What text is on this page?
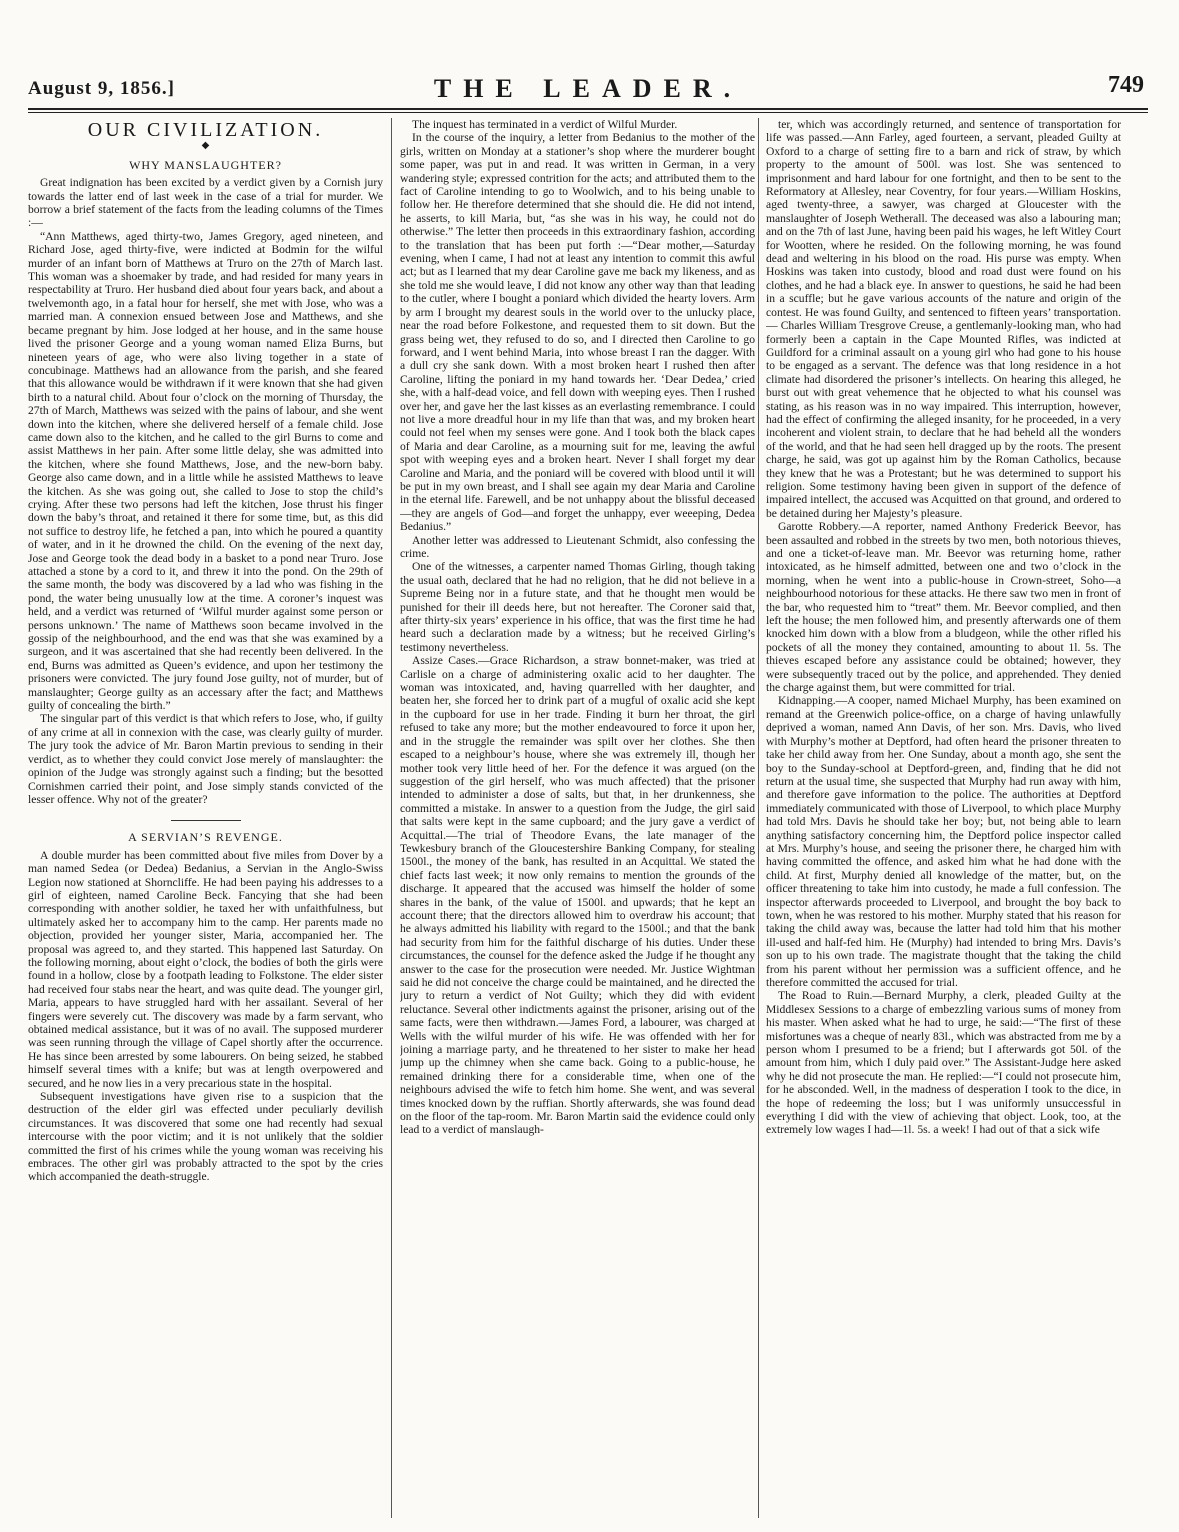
August 9, 1856.]	THE LEADER.	749
OUR CIVILIZATION.
◆
WHY MANSLAUGHTER?

Great indignation has been excited by a verdict given by a Cornish jury towards the latter end of last week in the case of a trial for murder. We borrow a brief statement of the facts from the leading columns of the Times :—

“Ann Matthews, aged thirty-two, James Gregory, aged nineteen, and Richard Jose, aged thirty-five, were indicted at Bodmin for the wilful murder of an infant born of Matthews at Truro on the 27th of March last. This woman was a shoemaker by trade, and had resided for many years in respectability at Truro. Her husband died about four years back, and about a twelvemonth ago, in a fatal hour for herself, she met with Jose, who was a married man. A connexion ensued between Jose and Matthews, and she became pregnant by him. Jose lodged at her house, and in the same house lived the prisoner George and a young woman named Eliza Burns, but nineteen years of age, who were also living together in a state of concubinage. Matthews had an allowance from the parish, and she feared that this allowance would be withdrawn if it were known that she had given birth to a natural child. About four o’clock on the morning of Thursday, the 27th of March, Matthews was seized with the pains of labour, and she went down into the kitchen, where she delivered herself of a female child. Jose came down also to the kitchen, and he called to the girl Burns to come and assist Matthews in her pain. After some little delay, she was admitted into the kitchen, where she found Matthews, Jose, and the new-born baby. George also came down, and in a little while he assisted Matthews to leave the kitchen. As she was going out, she called to Jose to stop the child’s crying. After these two persons had left the kitchen, Jose thrust his finger down the baby’s throat, and retained it there for some time, but, as this did not suffice to destroy life, he fetched a pan, into which he poured a quantity of water, and in it he drowned the child. On the evening of the next day, Jose and George took the dead body in a basket to a pond near Truro. Jose attached a stone by a cord to it, and threw it into the pond. On the 29th of the same month, the body was discovered by a lad who was fishing in the pond, the water being unusually low at the time. A coroner’s inquest was held, and a verdict was returned of ‘Wilful murder against some person or persons unknown.’ The name of Matthews soon became involved in the gossip of the neighbourhood, and the end was that she was examined by a surgeon, and it was ascertained that she had recently been delivered. In the end, Burns was admitted as Queen’s evidence, and upon her testimony the prisoners were convicted. The jury found Jose guilty, not of murder, but of manslaughter; George guilty as an accessary after the fact; and Matthews guilty of concealing the birth.”

The singular part of this verdict is that which refers to Jose, who, if guilty of any crime at all in connexion with the case, was clearly guilty of murder. The jury took the advice of Mr. Baron Martin previous to sending in their verdict, as to whether they could convict Jose merely of manslaughter: the opinion of the Judge was strongly against such a finding; but the besotted Cornishmen carried their point, and Jose simply stands convicted of the lesser offence. Why not of the greater?

A SERVIAN’S REVENGE.

A double murder has been committed about five miles from Dover by a man named Sedea (or Dedea) Bedanius, a Servian in the Anglo-Swiss Legion now stationed at Shorncliffe. He had been paying his addresses to a girl of eighteen, named Caroline Beck. Fancying that she had been corresponding with another soldier, he taxed her with unfaithfulness, but ultimately asked her to accompany him to the camp. Her parents made no objection, provided her younger sister, Maria, accompanied her. The proposal was agreed to, and they started. This happened last Saturday. On the following morning, about eight o’clock, the bodies of both the girls were found in a hollow, close by a footpath leading to Folkstone. The elder sister had received four stabs near the heart, and was quite dead. The younger girl, Maria, appears to have struggled hard with her assailant. Several of her fingers were severely cut. The discovery was made by a farm servant, who obtained medical assistance, but it was of no avail. The supposed murderer was seen running through the village of Capel shortly after the occurrence. He has since been arrested by some labourers. On being seized, he stabbed himself several times with a knife; but was at length overpowered and secured, and he now lies in a very precarious state in the hospital.

Subsequent investigations have given rise to a suspicion that the destruction of the elder girl was effected under peculiarly devilish circumstances. It was discovered that some one had recently had sexual intercourse with the poor victim; and it is not unlikely that the soldier committed the first of his crimes while the young woman was receiving his embraces. The other girl was probably attracted to the spot by the cries which accompanied the death-struggle.

The inquest has terminated in a verdict of Wilful Murder.

In the course of the inquiry, a letter from Bedanius to the mother of the girls, written on Monday at a stationer’s shop where the murderer bought some paper, was put in and read. It was written in German, in a very wandering style; expressed contrition for the acts; and attributed them to the fact of Caroline intending to go to Woolwich, and to his being unable to follow her. He therefore determined that she should die. He did not intend, he asserts, to kill Maria, but, “as she was in his way, he could not do otherwise.” The letter then proceeds in this extraordinary fashion, according to the translation that has been put forth :—“Dear mother,—Saturday evening, when I came, I had not at least any intention to commit this awful act; but as I learned that my dear Caroline gave me back my likeness, and as she told me she would leave, I did not know any other way than that leading to the cutler, where I bought a poniard which divided the hearty lovers. Arm by arm I brought my dearest souls in the world over to the unlucky place, near the road before Folkestone, and requested them to sit down. But the grass being wet, they refused to do so, and I directed then Caroline to go forward, and I went behind Maria, into whose breast I ran the dagger. With a dull cry she sank down. With a most broken heart I rushed then after Caroline, lifting the poniard in my hand towards her. ‘Dear Dedea,’ cried she, with a half-dead voice, and fell down with weeping eyes. Then I rushed over her, and gave her the last kisses as an everlasting remembrance. I could not live a more dreadful hour in my life than that was, and my broken heart could not feel when my senses were gone. And I took both the black capes of Maria and dear Caroline, as a mourning suit for me, leaving the awful spot with weeping eyes and a broken heart. Never I shall forget my dear Caroline and Maria, and the poniard will be covered with blood until it will be put in my own breast, and I shall see again my dear Maria and Caroline in the eternal life. Farewell, and be not unhappy about the blissful deceased—they are angels of God—and forget the unhappy, ever weeeping, Dedea Bedanius.”

Another letter was addressed to Lieutenant Schmidt, also confessing the crime.

One of the witnesses, a carpenter named Thomas Girling, though taking the usual oath, declared that he had no religion, that he did not believe in a Supreme Being nor in a future state, and that he thought men would be punished for their ill deeds here, but not hereafter. The Coroner said that, after thirty-six years’ experience in his office, that was the first time he had heard such a declaration made by a witness; but he received Girling’s testimony nevertheless.

Assize Cases.—Grace Richardson, a straw bonnet-maker, was tried at Carlisle on a charge of administering oxalic acid to her daughter. The woman was intoxicated, and, having quarrelled with her daughter, and beaten her, she forced her to drink part of a mugful of oxalic acid she kept in the cupboard for use in her trade. Finding it burn her throat, the girl refused to take any more; but the mother endeavoured to force it upon her, and in the struggle the remainder was spilt over her clothes. She then escaped to a neighbour’s house, where she was extremely ill, though her mother took very little heed of her. For the defence it was argued (on the suggestion of the girl herself, who was much affected) that the prisoner intended to administer a dose of salts, but that, in her drunkenness, she committed a mistake. In answer to a question from the Judge, the girl said that salts were kept in the same cupboard; and the jury gave a verdict of Acquittal.—The trial of Theodore Evans, the late manager of the Tewkesbury branch of the Gloucestershire Banking Company, for stealing 1500l., the money of the bank, has resulted in an Acquittal. We stated the chief facts last week; it now only remains to mention the grounds of the discharge. It appeared that the accused was himself the holder of some shares in the bank, of the value of 1500l. and upwards; that he kept an account there; that the directors allowed him to overdraw his account; that he always admitted his liability with regard to the 1500l.; and that the bank had security from him for the faithful discharge of his duties. Under these circumstances, the counsel for the defence asked the Judge if he thought any answer to the case for the prosecution were needed. Mr. Justice Wightman said he did not conceive the charge could be maintained, and he directed the jury to return a verdict of Not Guilty; which they did with evident reluctance. Several other indictments against the prisoner, arising out of the same facts, were then withdrawn.—James Ford, a labourer, was charged at Wells with the wilful murder of his wife. He was offended with her for joining a marriage party, and he threatened to her sister to make her head jump up the chimney when she came back. Going to a public-house, he remained drinking there for a considerable time, when one of the neighbours advised the wife to fetch him home. She went, and was several times knocked down by the ruffian. Shortly afterwards, she was found dead on the floor of the tap-room. Mr. Baron Martin said the evidence could only lead to a verdict of manslaugh-

ter, which was accordingly returned, and sentence of transportation for life was passed.—Ann Farley, aged fourteen, a servant, pleaded Guilty at Oxford to a charge of setting fire to a barn and rick of straw, by which property to the amount of 500l. was lost. She was sentenced to imprisonment and hard labour for one fortnight, and then to be sent to the Reformatory at Allesley, near Coventry, for four years.—William Hoskins, aged twenty-three, a sawyer, was charged at Gloucester with the manslaughter of Joseph Wetherall. The deceased was also a labouring man; and on the 7th of last June, having been paid his wages, he left Witley Court for Wootten, where he resided. On the following morning, he was found dead and weltering in his blood on the road. His purse was empty. When Hoskins was taken into custody, blood and road dust were found on his clothes, and he had a black eye. In answer to questions, he said he had been in a scuffle; but he gave various accounts of the nature and origin of the contest. He was found Guilty, and sentenced to fifteen years’ transportation. — Charles William Tresgrove Creuse, a gentlemanly-looking man, who had formerly been a captain in the Cape Mounted Rifles, was indicted at Guildford for a criminal assault on a young girl who had gone to his house to be engaged as a servant. The defence was that long residence in a hot climate had disordered the prisoner’s intellects. On hearing this alleged, he burst out with great vehemence that he objected to what his counsel was stating, as his reason was in no way impaired. This interruption, however, had the effect of confirming the alleged insanity, for he proceeded, in a very incoherent and violent strain, to declare that he had beheld all the wonders of the world, and that he had seen hell dragged up by the roots. The present charge, he said, was got up against him by the Roman Catholics, because they knew that he was a Protestant; but he was determined to support his religion. Some testimony having been given in support of the defence of impaired intellect, the accused was Acquitted on that ground, and ordered to be detained during her Majesty’s pleasure.

Garotte Robbery.—A reporter, named Anthony Frederick Beevor, has been assaulted and robbed in the streets by two men, both notorious thieves, and one a ticket-of-leave man. Mr. Beevor was returning home, rather intoxicated, as he himself admitted, between one and two o’clock in the morning, when he went into a public-house in Crown-street, Soho—a neighbourhood notorious for these attacks. He there saw two men in front of the bar, who requested him to “treat” them. Mr. Beevor complied, and then left the house; the men followed him, and presently afterwards one of them knocked him down with a blow from a bludgeon, while the other rifled his pockets of all the money they contained, amounting to about 1l. 5s. The thieves escaped before any assistance could be obtained; however, they were subsequently traced out by the police, and apprehended. They denied the charge against them, but were committed for trial.

Kidnapping.—A cooper, named Michael Murphy, has been examined on remand at the Greenwich police-office, on a charge of having unlawfully deprived a woman, named Ann Davis, of her son. Mrs. Davis, who lived with Murphy’s mother at Deptford, had often heard the prisoner threaten to take her child away from her. One Sunday, about a month ago, she sent the boy to the Sunday-school at Deptford-green, and, finding that he did not return at the usual time, she suspected that Murphy had run away with him, and therefore gave information to the police. The authorities at Deptford immediately communicated with those of Liverpool, to which place Murphy had told Mrs. Davis he should take her boy; but, not being able to learn anything satisfactory concerning him, the Deptford police inspector called at Mrs. Murphy’s house, and seeing the prisoner there, he charged him with having committed the offence, and asked him what he had done with the child. At first, Murphy denied all knowledge of the matter, but, on the officer threatening to take him into custody, he made a full confession. The inspector afterwards proceeded to Liverpool, and brought the boy back to town, when he was restored to his mother. Murphy stated that his reason for taking the child away was, because the latter had told him that his mother ill-used and half-fed him. He (Murphy) had intended to bring Mrs. Davis’s son up to his own trade. The magistrate thought that the taking the child from his parent without her permission was a sufficient offence, and he therefore committed the accused for trial.

The Road to Ruin.—Bernard Murphy, a clerk, pleaded Guilty at the Middlesex Sessions to a charge of embezzling various sums of money from his master. When asked what he had to urge, he said:—“The first of these misfortunes was a cheque of nearly 83l., which was abstracted from me by a person whom I presumed to be a friend; but I afterwards got 50l. of the amount from him, which I duly paid over.” The Assistant-Judge here asked why he did not prosecute the man. He replied:—“I could not prosecute him, for he absconded. Well, in the madness of desperation I took to the dice, in the hope of redeeming the loss; but I was uniformly unsuccessful in everything I did with the view of achieving that object. Look, too, at the extremely low wages I had—1l. 5s. a week! I had out of that a sick wife
